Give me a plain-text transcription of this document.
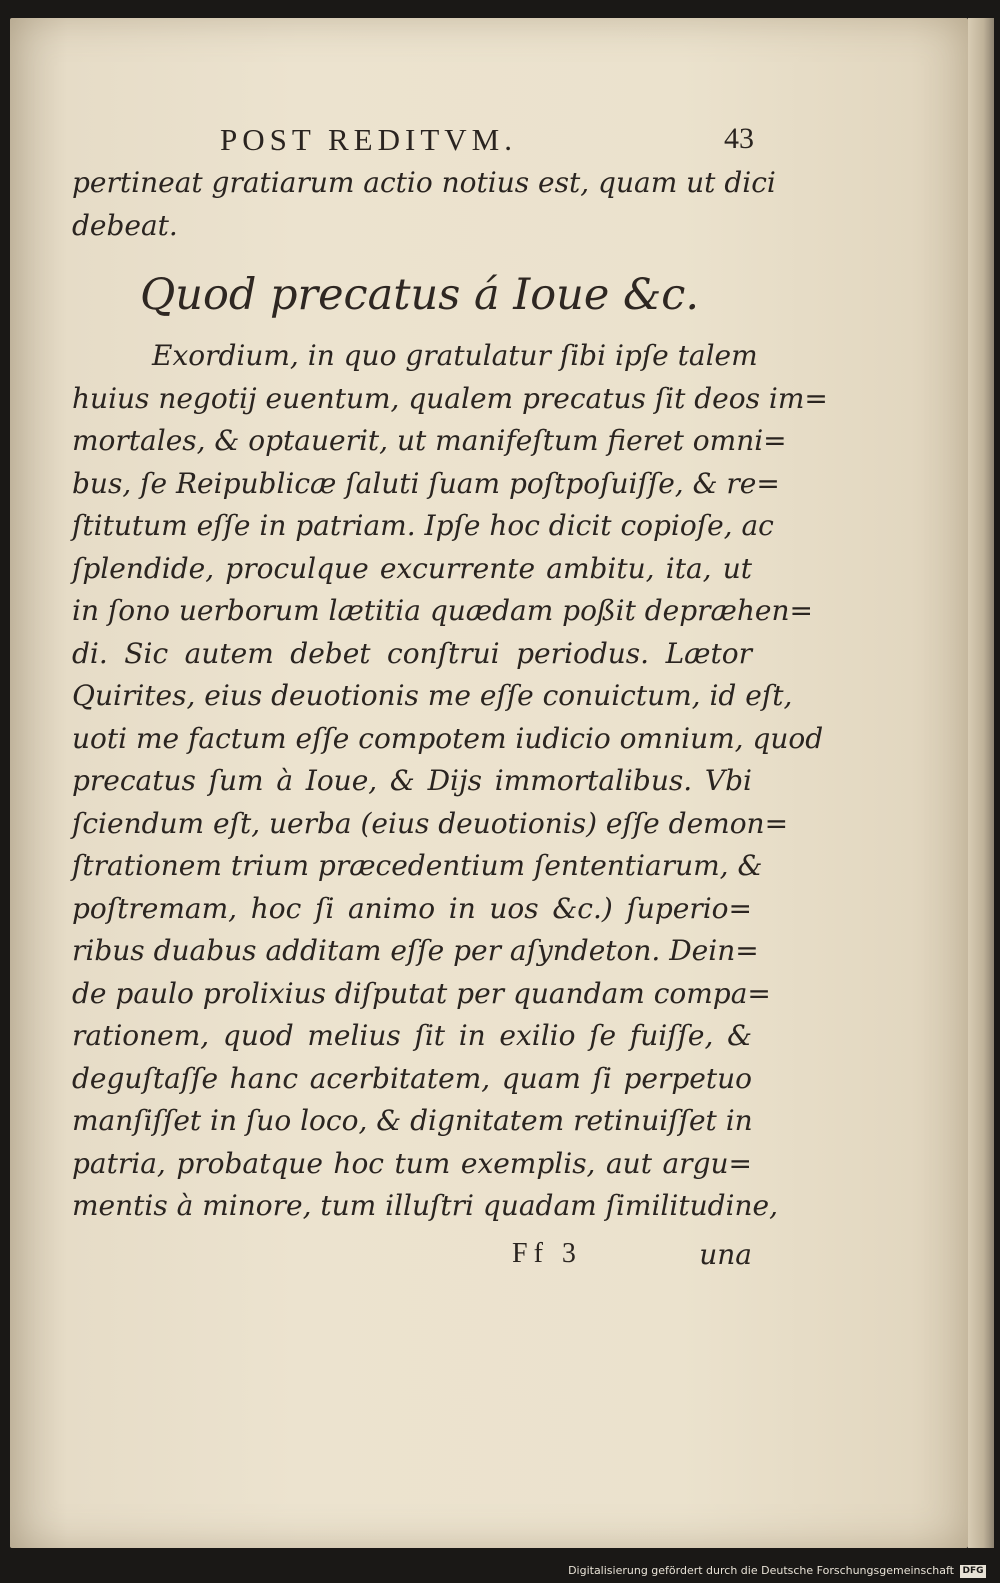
POST REDITVM.	43
pertineat gratiarum actio notius est, quam ut dici
debeat.
Quod precatus á Ioue &c.
Exordium, in quo gratulatur ſibi ipſe talem
huius negotij euentum, qualem precatus ſit deos im=
mortales, & optauerit, ut manifeſtum fieret omni=
bus, ſe Reipublicæ ſaluti ſuam poſtpoſuiſſe, & re=
ſtitutum eſſe in patriam. Ipſe hoc dicit copioſe, ac
ſplendide, proculque excurrente ambitu, ita, ut
in ſono uerborum lætitia quædam poßit depræhen=
di. Sic autem debet conſtrui periodus. Lætor
Quirites, eius deuotionis me eſſe conuictum, id eſt,
uoti me factum eſſe compotem iudicio omnium, quod
precatus ſum à Ioue, & Dijs immortalibus. Vbi
ſciendum eſt, uerba (eius deuotionis) eſſe demon=
ſtrationem trium præcedentium ſententiarum, &
poſtremam, hoc ſi animo in uos &c.) ſuperio=
ribus duabus additam eſſe per aſyndeton. Dein=
de paulo prolixius diſputat per quandam compa=
rationem, quod melius ſit in exilio ſe fuiſſe, &
deguſtaſſe hanc acerbitatem, quam ſi perpetuo
manſiſſet in ſuo loco, & dignitatem retinuiſſet in
patria, probatque hoc tum exemplis, aut argu=
mentis à minore, tum illuſtri quadam ſimilitudine,
Ff 3	una
Digitalisierung gefördert durch die Deutsche Forschungsgemeinschaft DFG
